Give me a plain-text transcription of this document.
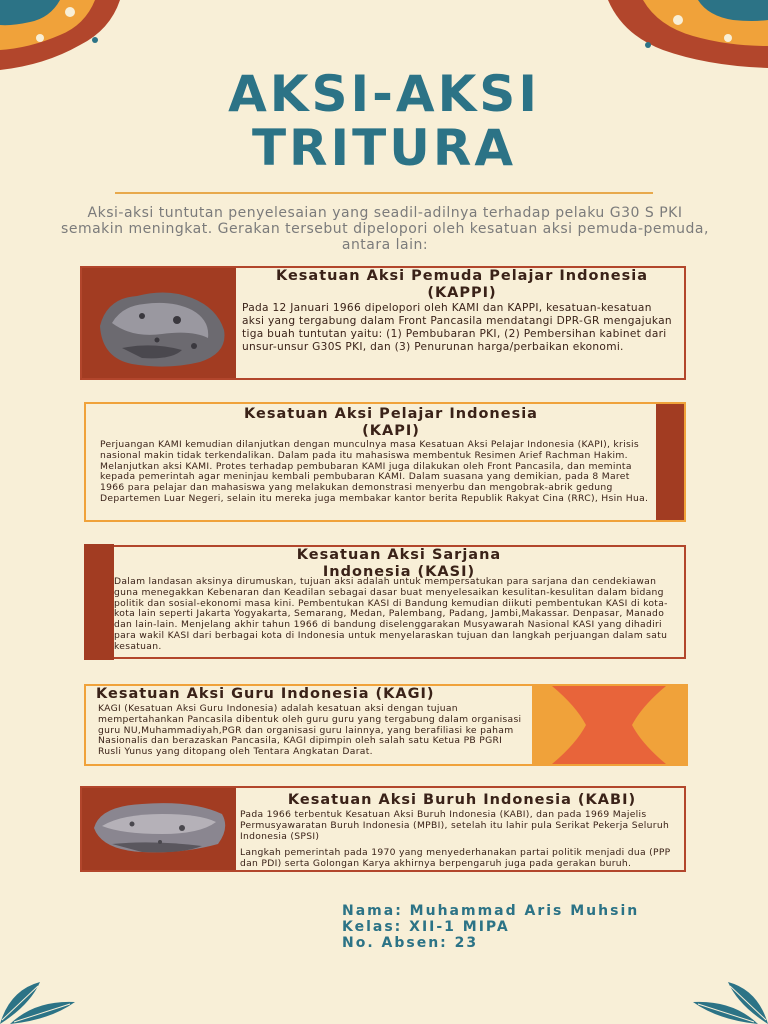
AKSI-AKSI
TRITURA
Aksi-aksi tuntutan penyelesaian yang seadil-adilnya terhadap pelaku G30 S PKI semakin meningkat. Gerakan tersebut dipelopori oleh kesatuan aksi pemuda-pemuda, antara lain:
Kesatuan Aksi Pemuda Pelajar Indonesia (KAPPI)

Pada 12 Januari 1966 dipelopori oleh KAMI dan KAPPI, kesatuan-kesatuan aksi yang tergabung dalam Front Pancasila mendatangi DPR-GR mengajukan tiga buah tuntutan yaitu: (1) Pembubaran PKI, (2) Pembersihan kabinet dari unsur-unsur G30S PKI, dan (3) Penurunan harga/perbaikan ekonomi.

Kesatuan Aksi Pelajar Indonesia (KAPI)

Perjuangan KAMI kemudian dilanjutkan dengan munculnya masa Kesatuan Aksi Pelajar Indonesia (KAPI), krisis nasional makin tidak terkendalikan. Dalam pada itu mahasiswa membentuk Resimen Arief Rachman Hakim. Melanjutkan aksi KAMI. Protes terhadap pembubaran KAMI juga dilakukan oleh Front Pancasila, dan meminta kepada pemerintah agar meninjau kembali pembubaran KAMI. Dalam suasana yang demikian, pada 8 Maret 1966 para pelajar dan mahasiswa yang melakukan demonstrasi menyerbu dan mengobrak-abrik gedung Departemen Luar Negeri, selain itu mereka juga membakar kantor berita Republik Rakyat Cina (RRC), Hsin Hua.

Kesatuan Aksi Sarjana Indonesia (KASI)

Dalam landasan aksinya dirumuskan, tujuan aksi adalah untuk mempersatukan para sarjana dan cendekiawan guna menegakkan Kebenaran dan Keadilan sebagai dasar buat menyelesaikan kesulitan-kesulitan dalam bidang politik dan sosial-ekonomi masa kini. Pembentukan KASI di Bandung kemudian diikuti pembentukan KASI di kota-kota lain seperti Jakarta Yogyakarta, Semarang, Medan, Palembang, Padang, Jambi,Makassar. Denpasar, Manado dan lain-lain. Menjelang akhir tahun 1966 di bandung diselenggarakan Musyawarah Nasional KASI yang dihadiri para wakil KASI dari berbagai kota di Indonesia untuk menyelaraskan tujuan dan langkah perjuangan dalam satu kesatuan.

Kesatuan Aksi Guru Indonesia (KAGI)

KAGI (Kesatuan Aksi Guru Indonesia) adalah kesatuan aksi dengan tujuan mempertahankan Pancasila dibentuk oleh guru guru yang tergabung dalam organisasi guru NU,Muhammadiyah,PGR dan organisasi guru lainnya, yang berafiliasi ke paham Nasionalis dan berazaskan Pancasila, KAGI dipimpin oleh salah satu Ketua PB PGRI Rusli Yunus yang ditopang oleh Tentara Angkatan Darat.

Kesatuan Aksi Buruh Indonesia (KABI)

Pada 1966 terbentuk Kesatuan Aksi Buruh Indonesia (KABI), dan pada 1969 Majelis Permusyawaratan Buruh Indonesia (MPBI), setelah itu lahir pula Serikat Pekerja Seluruh Indonesia (SPSI)

Langkah pemerintah pada 1970 yang menyederhanakan partai politik menjadi dua (PPP dan PDI) serta Golongan Karya akhirnya berpengaruh juga pada gerakan buruh.

Nama: Muhammad Aris Muhsin
Kelas: XII-1 MIPA
No. Absen: 23
